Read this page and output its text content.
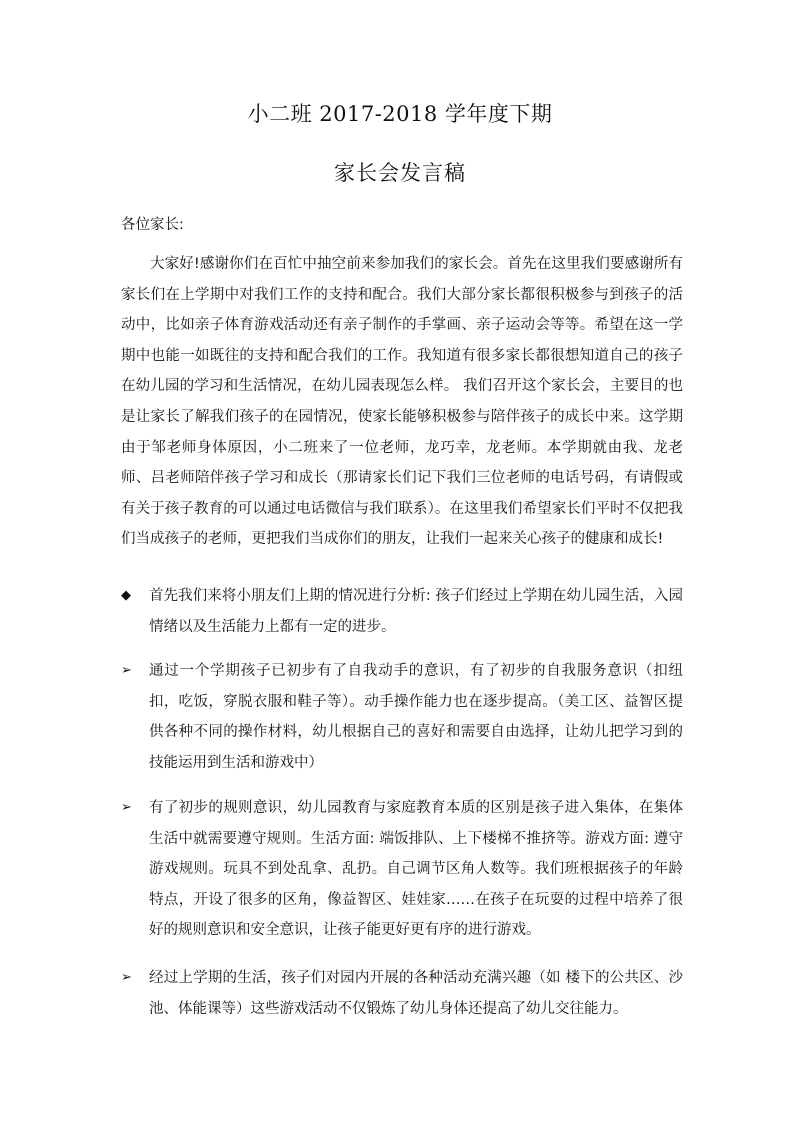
小二班 2017-2018 学年度下期
家长会发言稿
各位家长:

大家好!感谢你们在百忙中抽空前来参加我们的家长会。首先在这里我们要感谢所有家长们在上学期中对我们工作的支持和配合。我们大部分家长都很积极参与到孩子的活动中，比如亲子体育游戏活动还有亲子制作的手掌画、亲子运动会等等。希望在这一学期中也能一如既往的支持和配合我们的工作。我知道有很多家长都很想知道自己的孩子在幼儿园的学习和生活情况，在幼儿园表现怎么样。 我们召开这个家长会，主要目的也是让家长了解我们孩子的在园情况，使家长能够积极参与陪伴孩子的成长中来。这学期由于邹老师身体原因，小二班来了一位老师，龙巧幸，龙老师。本学期就由我、龙老师、吕老师陪伴孩子学习和成长（那请家长们记下我们三位老师的电话号码，有请假或有关于孩子教育的可以通过电话微信与我们联系）。在这里我们希望家长们平时不仅把我们当成孩子的老师，更把我们当成你们的朋友，让我们一起来关心孩子的健康和成长!

◆	首先我们来将小朋友们上期的情况进行分析: 孩子们经过上学期在幼儿园生活，入园情绪以及生活能力上都有一定的进步。
➢	通过一个学期孩子已初步有了自我动手的意识，有了初步的自我服务意识（扣纽扣，吃饭，穿脱衣服和鞋子等）。动手操作能力也在逐步提高。（美工区、益智区提供各种不同的操作材料，幼儿根据自己的喜好和需要自由选择，让幼儿把学习到的技能运用到生活和游戏中）
➢	有了初步的规则意识，幼儿园教育与家庭教育本质的区别是孩子进入集体，在集体生活中就需要遵守规则。生活方面: 端饭排队、上下楼梯不推挤等。游戏方面: 遵守游戏规则。玩具不到处乱拿、乱扔。自己调节区角人数等。我们班根据孩子的年龄特点，开设了很多的区角，像益智区、娃娃家……在孩子在玩耍的过程中培养了很好的规则意识和安全意识，让孩子能更好更有序的进行游戏。
➢	经过上学期的生活，孩子们对园内开展的各种活动充满兴趣（如 楼下的公共区、沙池、体能课等）这些游戏活动不仅锻炼了幼儿身体还提高了幼儿交往能力。
